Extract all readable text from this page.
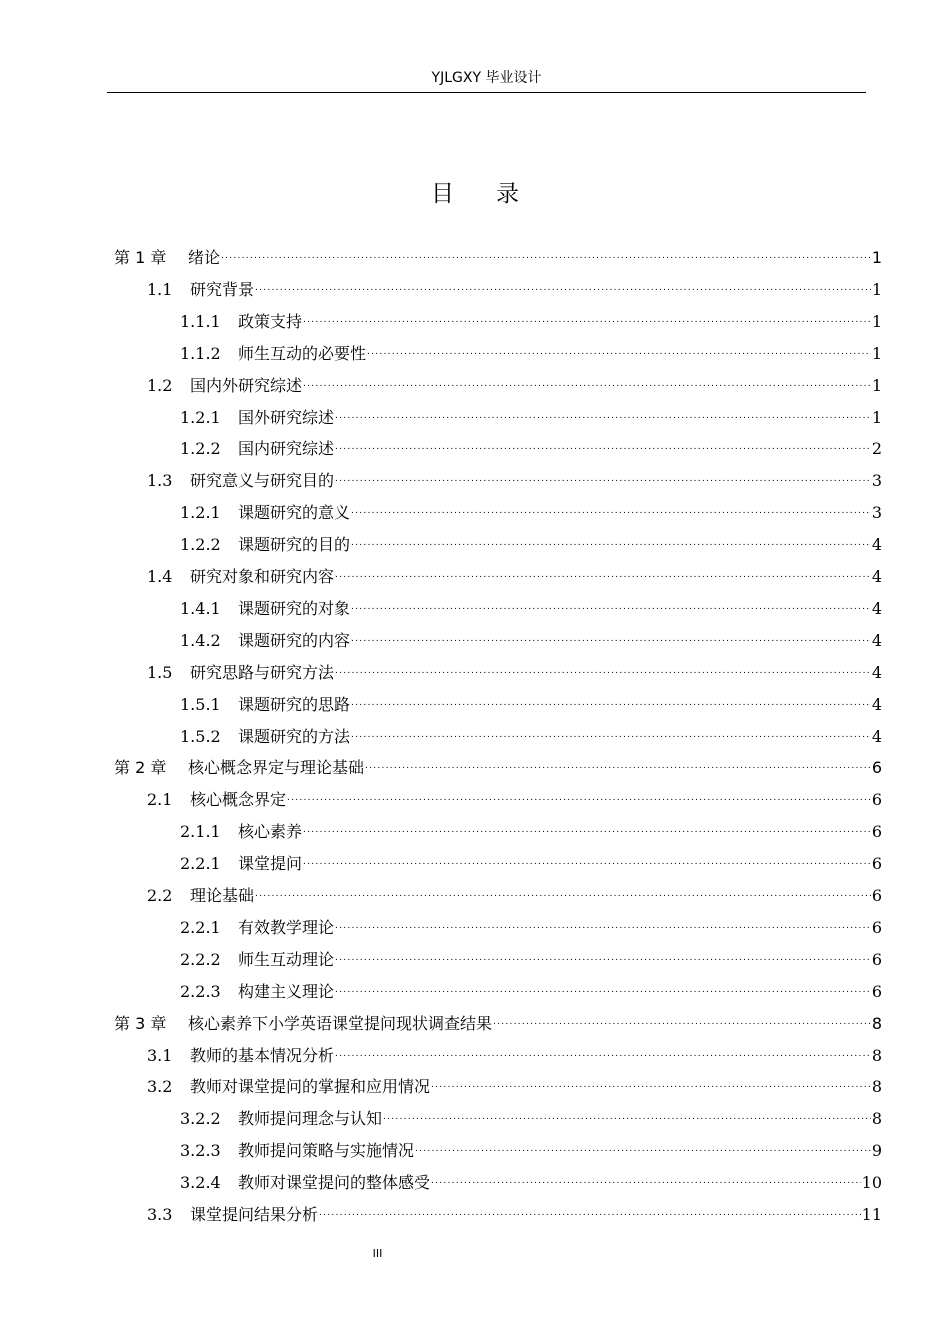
YJLGXY 毕业设计
目录
第 1 章	绪论 . . .	1
1.1	研究背景 . . .	1
1.1.1	政策支持 . . .	1
1.1.2	师生互动的必要性 . . .	1
1.2	国内外研究综述 . . .	1
1.2.1	国外研究综述 . . .	1
1.2.2	国内研究综述 . . .	2
1.3	研究意义与研究目的 . . .	3
1.2.1	课题研究的意义 . . .	3
1.2.2	课题研究的目的 . . .	4
1.4	研究对象和研究内容 . . .	4
1.4.1	课题研究的对象 . . .	4
1.4.2	课题研究的内容 . . .	4
1.5	研究思路与研究方法 . . .	4
1.5.1	课题研究的思路 . . .	4
1.5.2	课题研究的方法 . . .	4
第 2 章	核心概念界定与理论基础 . . .	6
2.1	核心概念界定 . . .	6
2.1.1	核心素养 . . .	6
2.2.1	课堂提问 . . .	6
2.2	理论基础 . . .	6
2.2.1	有效教学理论 . . .	6
2.2.2	师生互动理论 . . .	6
2.2.3	构建主义理论 . . .	6
第 3 章	核心素养下小学英语课堂提问现状调查结果 . . .	8
3.1	教师的基本情况分析 . . .	8
3.2	教师对课堂提问的掌握和应用情况 . . .	8
3.2.2	教师提问理念与认知 . . .	8
3.2.3	教师提问策略与实施情况 . . .	9
3.2.4	教师对课堂提问的整体感受 . . .	10
3.3	课堂提问结果分析 . . .	11
III
